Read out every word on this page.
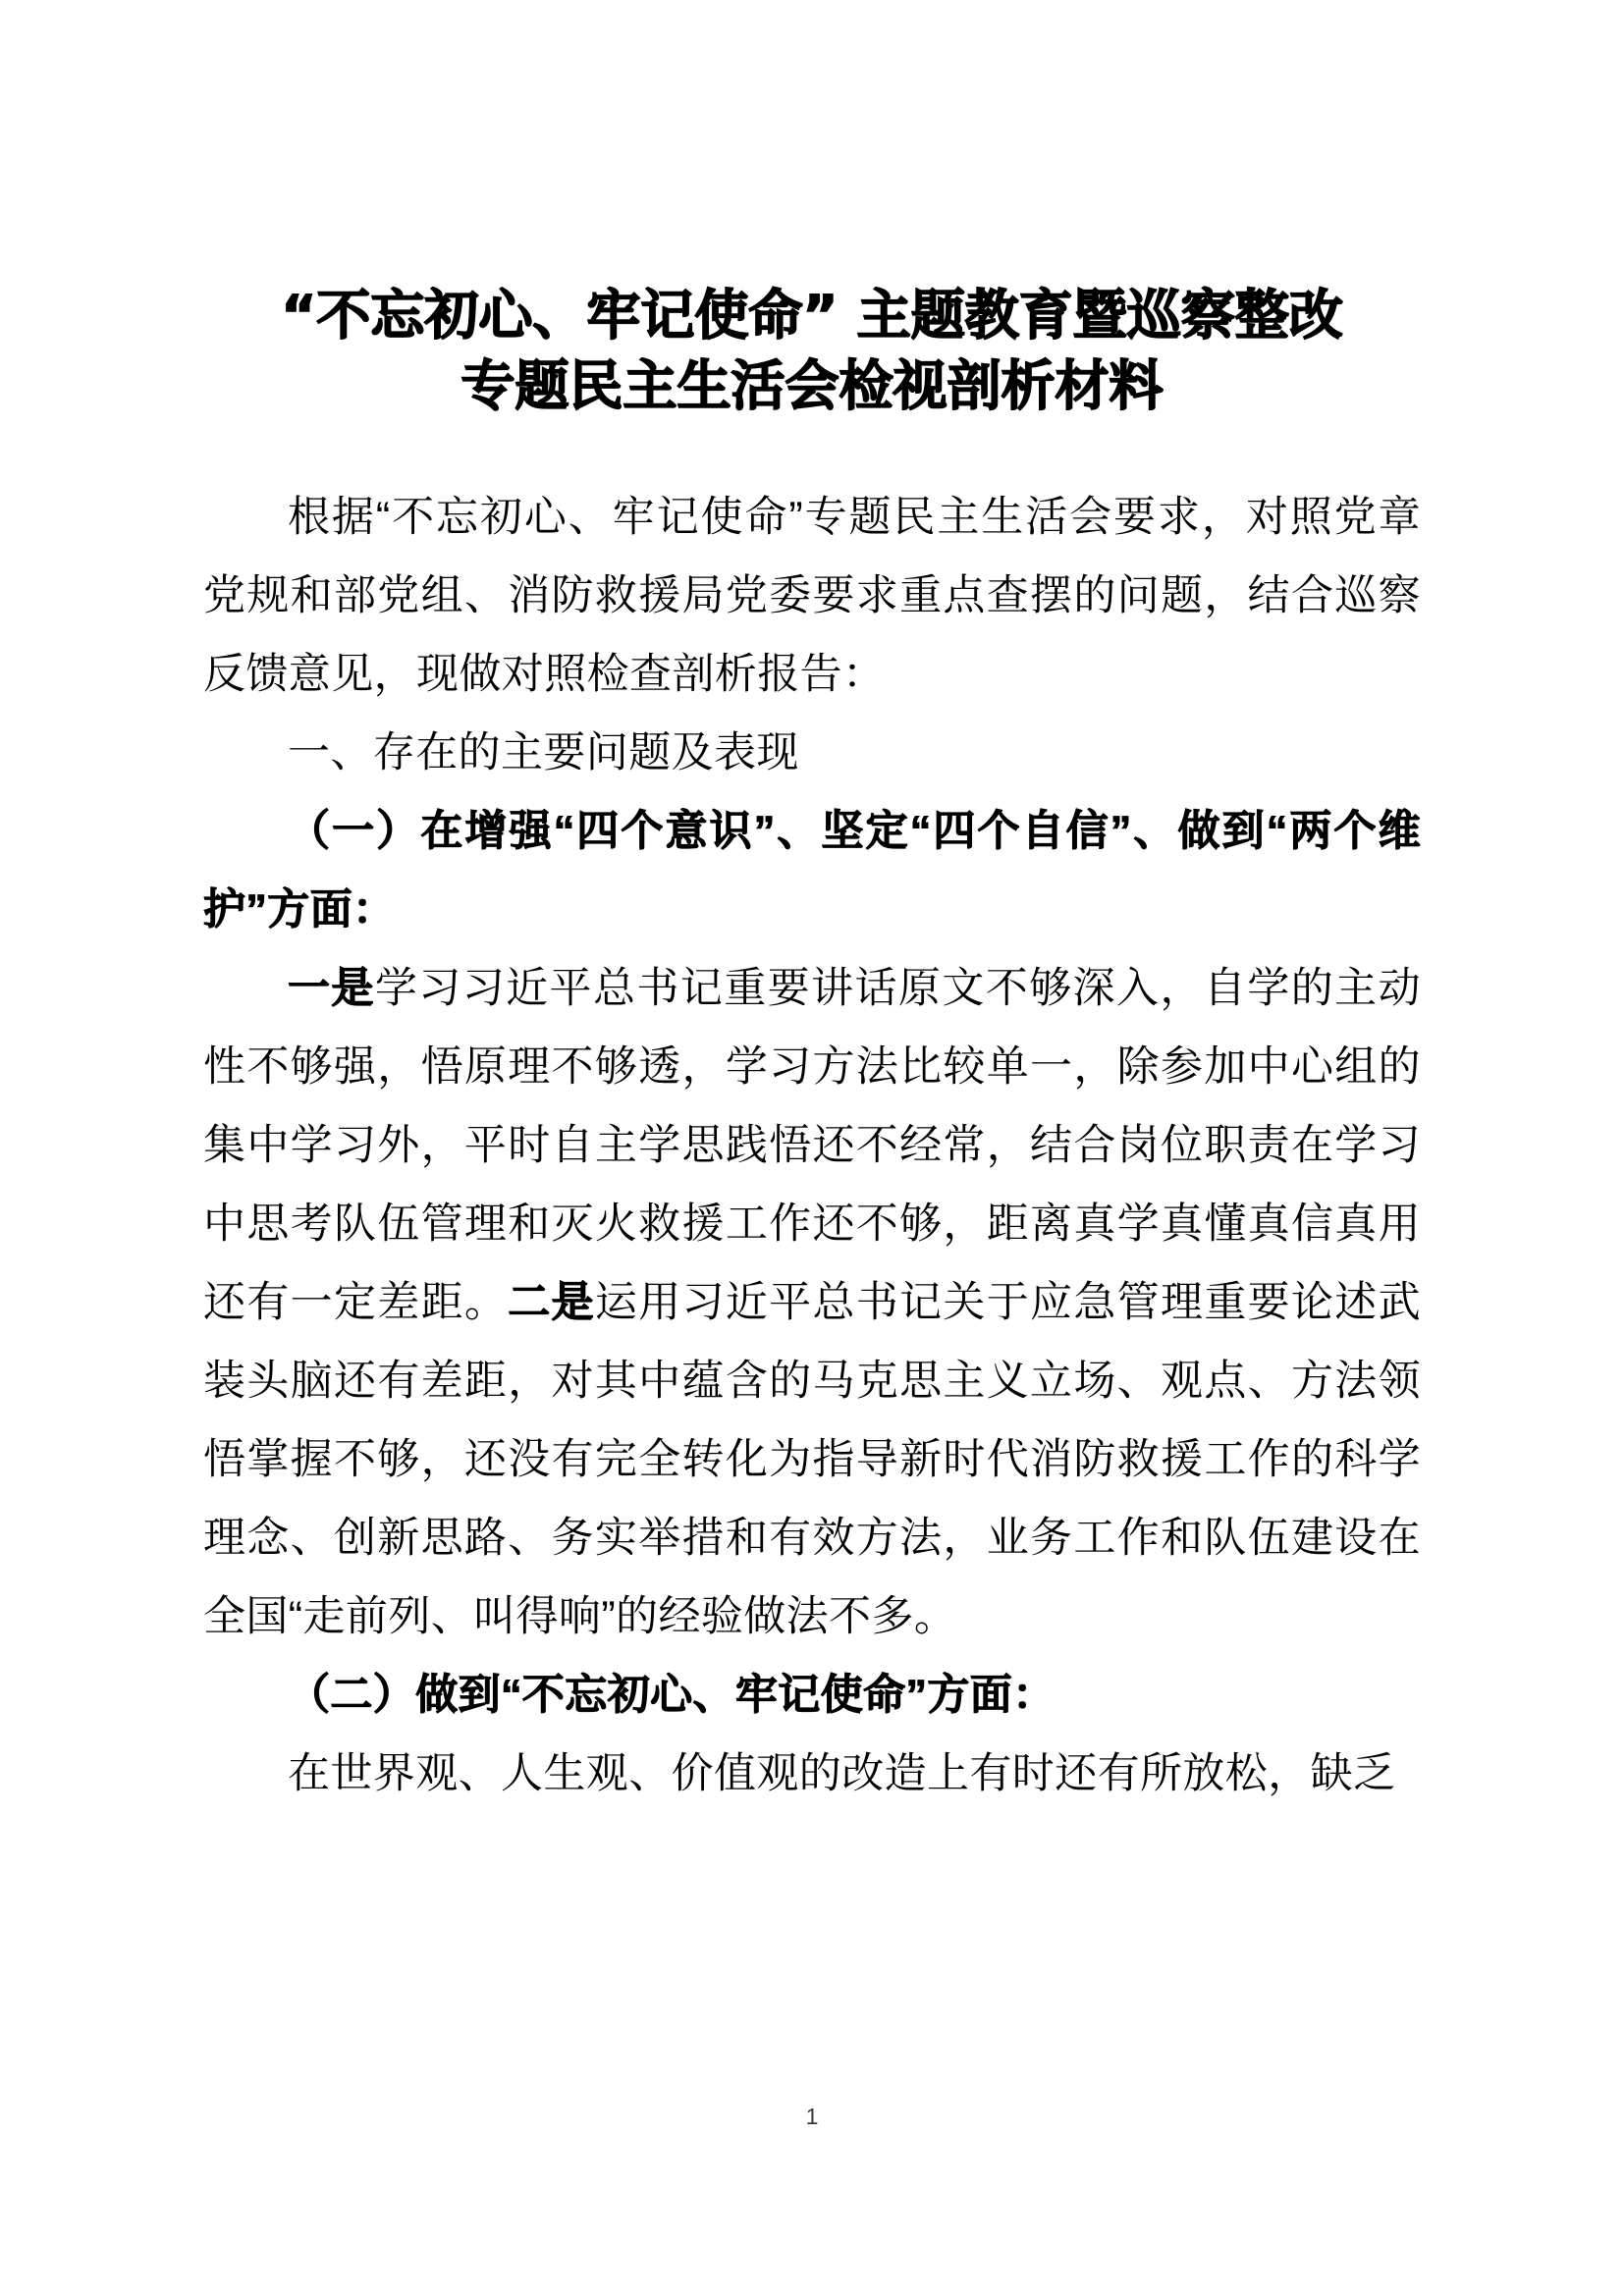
“不忘初心、牢记使命” 主题教育暨巡察整改
专题民主生活会检视剖析材料

根据“不忘初心、牢记使命”专题民主生活会要求，对照党章党规和部党组、消防救援局党委要求重点查摆的问题，结合巡察反馈意见，现做对照检查剖析报告：

一、存在的主要问题及表现

（一）在增强“四个意识”、坚定“四个自信”、做到“两个维护”方面：

一是学习习近平总书记重要讲话原文不够深入，自学的主动性不够强，悟原理不够透，学习方法比较单一，除参加中心组的集中学习外，平时自主学思践悟还不经常，结合岗位职责在学习中思考队伍管理和灭火救援工作还不够，距离真学真懂真信真用还有一定差距。二是运用习近平总书记关于应急管理重要论述武装头脑还有差距，对其中蕴含的马克思主义立场、观点、方法领悟掌握不够，还没有完全转化为指导新时代消防救援工作的科学理念、创新思路、务实举措和有效方法，业务工作和队伍建设在全国“走前列、叫得响”的经验做法不多。

（二）做到“不忘初心、牢记使命”方面：

在世界观、人生观、价值观的改造上有时还有所放松，缺乏

1
